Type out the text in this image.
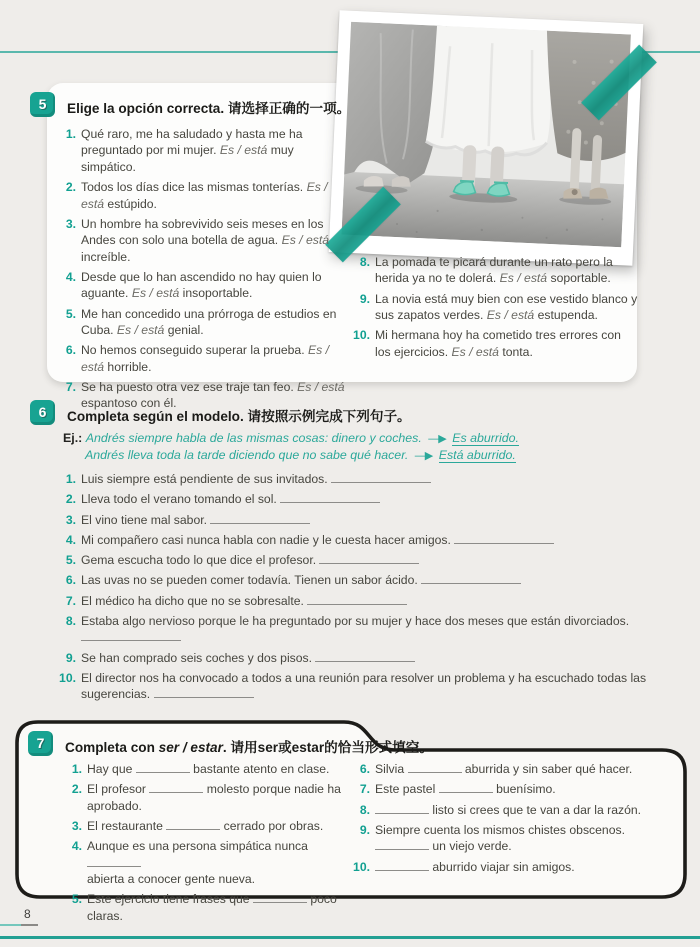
5	Elige la opción correcta. 请选择正确的一项。
1. Qué raro, me ha saludado y hasta me ha preguntado por mi mujer. Es / está muy simpático.
2. Todos los días dice las mismas tonterías. Es / está estúpido.
3. Un hombre ha sobrevivido seis meses en los Andes con solo una botella de agua. Es / está increíble.
4. Desde que lo han ascendido no hay quien lo aguante. Es / está insoportable.
5. Me han concedido una prórroga de estudios en Cuba. Es / está genial.
6. No hemos conseguido superar la prueba. Es / está horrible.
7. Se ha puesto otra vez ese traje tan feo. Es / está espantoso con él.
8. La pomada te picará durante un rato pero la herida ya no te dolerá. Es / está soportable.
9. La novia está muy bien con ese vestido blanco y sus zapatos verdes. Es / está estupenda.
10. Mi hermana hoy ha cometido tres errores con los ejercicios. Es / está tonta.
6	Completa según el modelo. 请按照示例完成下列句子。
Ej.: Andrés siempre habla de las mismas cosas: dinero y coches. —▶ Es aburrido.
Andrés lleva toda la tarde diciendo que no sabe qué hacer. —▶ Está aburrido.
1. Luis siempre está pendiente de sus invitados.
2. Lleva todo el verano tomando el sol.
3. El vino tiene mal sabor.
4. Mi compañero casi nunca habla con nadie y le cuesta hacer amigos.
5. Gema escucha todo lo que dice el profesor.
6. Las uvas no se pueden comer todavía. Tienen un sabor ácido.
7. El médico ha dicho que no se sobresalte.
8. Estaba algo nervioso porque le ha preguntado por su mujer y hace dos meses que están divorciados.

9. Se han comprado seis coches y dos pisos.
10. El director nos ha convocado a todos a una reunión para resolver un problema y ha escuchado todas las sugerencias.
7	Completa con ser / estar. 请用ser或estar的恰当形式填空。
1. Hay que	bastante atento en clase.
2. El profesor	molesto porque nadie ha aprobado.
3. El restaurante	cerrado por obras.
4. Aunque es una persona simpática nunca
abierta a conocer gente nueva.
5. Este ejercicio tiene frases que	poco claras.
6. Silvia	aburrida y sin saber qué hacer.
7. Este pastel	buenísimo.
8.	listo si crees que te van a dar la razón.
9. Siempre cuenta los mismos chistes obscenos.
un viejo verde.
10.	aburrido viajar sin amigos.
8
